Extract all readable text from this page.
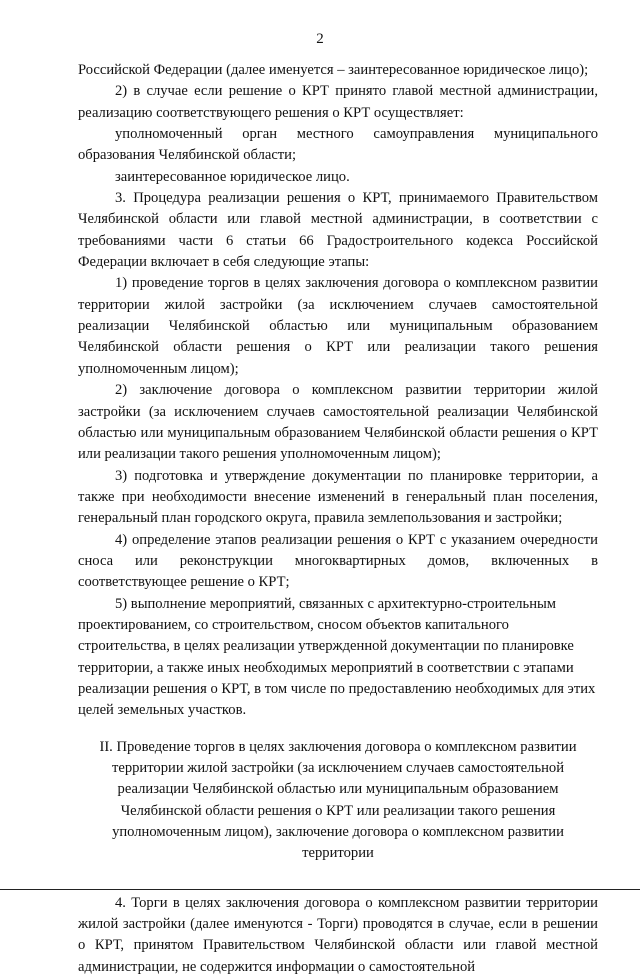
2

Российской Федерации (далее именуется – заинтересованное юридическое лицо);

2) в случае если решение о КРТ принято главой местной администрации, реализацию соответствующего решения о КРТ осуществляет:

уполномоченный орган местного самоуправления муниципального образования Челябинской области;

заинтересованное юридическое лицо.

3. Процедура реализации решения о КРТ, принимаемого Правительством Челябинской области или главой местной администрации, в соответствии с требованиями части 6 статьи 66 Градостроительного кодекса Российской Федерации включает в себя следующие этапы:

1) проведение торгов в целях заключения договора о комплексном развитии территории жилой застройки (за исключением случаев самостоятельной реализации Челябинской областью или муниципальным образованием Челябинской области решения о КРТ или реализации такого решения уполномоченным лицом);

2) заключение договора о комплексном развитии территории жилой застройки (за исключением случаев самостоятельной реализации Челябинской областью или муниципальным образованием Челябинской области решения о КРТ или реализации такого решения уполномоченным лицом);

3) подготовка и утверждение документации по планировке территории, а также при необходимости внесение изменений в генеральный план поселения, генеральный план городского округа, правила землепользования и застройки;

4) определение этапов реализации решения о КРТ с указанием очередности сноса или реконструкции многоквартирных домов, включенных в соответствующее решение о КРТ;

5) выполнение мероприятий, связанных с архитектурно-строительным проектированием, со строительством, сносом объектов капитального строительства, в целях реализации утвержденной документации по планировке территории, а также иных необходимых мероприятий в соответствии с этапами реализации решения о КРТ, в том числе по предоставлению необходимых для этих целей земельных участков.

II. Проведение торгов в целях заключения договора о комплексном развитии территории жилой застройки (за исключением случаев самостоятельной реализации Челябинской областью или муниципальным образованием Челябинской области решения о КРТ или реализации такого решения уполномоченным лицом), заключение договора о комплексном развитии территории

4. Торги в целях заключения договора о комплексном развитии территории жилой застройки (далее именуются - Торги) проводятся в случае, если в решении о КРТ, принятом Правительством Челябинской области или главой местной администрации, не содержится информации о самостоятельной
